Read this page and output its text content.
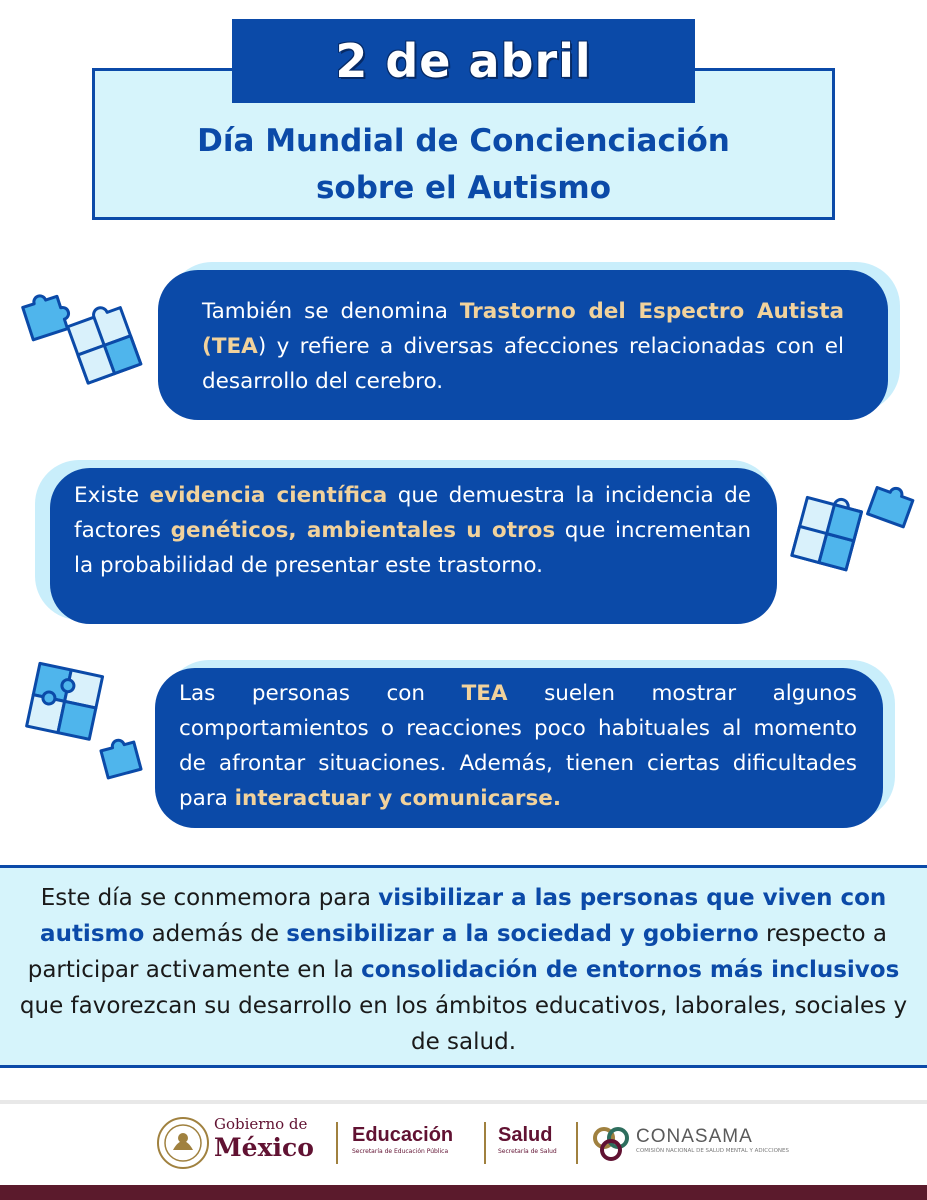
2 de abril
Día Mundial de Concienciación
sobre el Autismo
También se denomina Trastorno del Espectro Autista (TEA) y refiere a diversas afecciones relacionadas con el desarrollo del cerebro.
Existe evidencia científica que demuestra la incidencia de factores genéticos, ambientales u otros que incrementan la probabilidad de presentar este trastorno.
Las personas con TEA suelen mostrar algunos comportamientos o reacciones poco habituales al momento de afrontar situaciones. Además, tienen ciertas dificultades para interactuar y comunicarse.
Este día se conmemora para visibilizar a las personas que viven con autismo además de sensibilizar a la sociedad y gobierno respecto a participar activamente en la consolidación de entornos más inclusivos que favorezcan su desarrollo en los ámbitos educativos, laborales, sociales y de salud.
Gobierno de
México Educación
Secretaría de Educación Pública
Salud
Secretaría de Salud
CONASAMA
COMISIÓN NACIONAL DE SALUD MENTAL Y ADICCIONES
